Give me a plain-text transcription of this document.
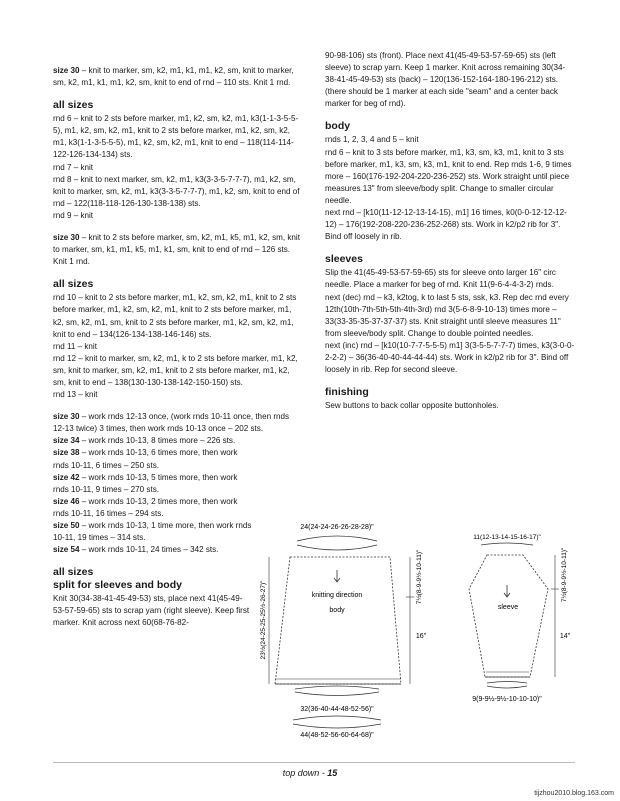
size 30 – knit to marker, sm, k2, m1, k1, m1, k2, sm, knit to marker, sm, k2, m1, k1, m1, k2, sm, knit to end of rnd – 110 sts. Knit 1 rnd.

all sizes

rnd 6 – knit to 2 sts before marker, m1, k2, sm, k2, m1, k3(1-1-3-5-5-5), m1, k2, sm, k2, m1, knit to 2 sts before marker, m1, k2, sm, k2, m1, k3(1-1-3-5-5-5), m1, k2, sm, k2, m1, knit to end – 118(114-114-122-126-134-134) sts.

rnd 7 – knit

rnd 8 – knit to next marker, sm, k2, m1, k3(3-3-5-7-7-7), m1, k2, sm, knit to marker, sm, k2, m1, k3(3-3-5-7-7-7), m1, k2, sm, knit to end of rnd – 122(118-118-126-130-138-138) sts.

rnd 9 – knit

size 30 – knit to 2 sts before marker, sm, k2, m1, k5, m1, k2, sm, knit to marker, sm, k1, m1, k5, m1, k1, sm, knit to end of rnd – 126 sts. Knit 1 rnd.

all sizes

rnd 10 – knit to 2 sts before marker, m1, k2, sm, k2, m1, knit to 2 sts before marker, m1, k2, sm, k2, m1, knit to 2 sts before marker, m1, k2, sm, k2, m1, sm, knit to 2 sts before marker, m1, k2, sm, k2, m1, knit to end – 134(126-134-138-146-146) sts.

rnd 11 – knit

rnd 12 – knit to marker, sm, k2, m1, k to 2 sts before marker, m1, k2, sm, knit to marker, sm, k2, m1, knit to 2 sts before marker, m1, k2, sm, knit to end – 138(130-130-138-142-150-150) sts.

rnd 13 – knit

size 30 – work rnds 12-13 once, (work rnds 10-11 once, then rnds 12-13 twice) 3 times, then work rnds 10-13 once – 202 sts.

size 34 – work rnds 10-13, 8 times more – 226 sts.

size 38 – work rnds 10-13, 6 times more, then work rnds 10-11, 6 times – 250 sts.

size 42 – work rnds 10-13, 5 times more, then work rnds 10-11, 9 times – 270 sts.

size 46 – work rnds 10-13, 2 times more, then work rnds 10-11, 16 times – 294 sts.

size 50 – work rnds 10-13, 1 time more, then work rnds 10-11, 19 times – 314 sts.

size 54 – work rnds 10-11, 24 times – 342 sts.

all sizes

split for sleeves and body

Knit 30(34-38-41-45-49-53) sts, place next 41(45-49-53-57-59-65) sts to scrap yarn (right sleeve). Keep first marker. Knit across next 60(68-76-82-

90-98-106) sts (front). Place next 41(45-49-53-57-59-65) sts (left sleeve) to scrap yarn. Keep 1 marker. Knit across remaining 30(34-38-41-45-49-53) sts (back) – 120(136-152-164-180-196-212) sts. (there should be 1 marker at each side "seam" and a center back marker for beg of rnd).

body

rnds 1, 2, 3, 4 and 5 – knit

rnd 6 – knit to 3 sts before marker, m1, k3, sm, k3, m1, knit to 3 sts before marker, m1, k3, sm, k3, m1, knit to end. Rep rnds 1-6, 9 times more – 160(176-192-204-220-236-252) sts. Work straight until piece measures 13" from sleeve/body split. Change to smaller circular needle.

next rnd – [k10(11-12-12-13-14-15), m1] 16 times, k0(0-0-12-12-12-12) – 176(192-208-220-236-252-268) sts. Work in k2/p2 rib for 3". Bind off loosely in rib.

sleeves

Slip the 41(45-49-53-57-59-65) sts for sleeve onto larger 16" circ needle. Place a marker for beg of rnd. Knit 11(9-6-4-4-3-2) rnds.

next (dec) rnd – k3, k2tog, k to last 5 sts, ssk, k3. Rep dec rnd every 12th(10th-7th-5th-5th-4th-3rd) rnd 3(5-6-8-9-10-13) times more – 33(33-35-35-37-37-37) sts. Knit straight until sleeve measures 11" from sleeve/body split. Change to double pointed needles.

next (inc) rnd – [k10(10-7-7-5-5-5) m1] 3(3-5-5-7-7-7) times, k3(3-0-0-2-2-2) – 36(36-40-40-44-44-44) sts. Work in k2/p2 rib for 3". Bind off loosely in rib. Rep for second sleeve.

finishing

Sew buttons to back collar opposite buttonholes.

24(24-24-26-26-28-28)"
knitting direction
body
23½(24-25-25-25½-26-27)"
7½(8-9-9½-10-11)"
16"
32(36-40-44-48-52-56)"
44(48-52-56-60-64-68)"
11(12-13-14-15-16-17)"
sleeve
7½(8-9-9½-10-11)"
14"
9(9-9½-9½-10-10-10)"
top down - 15
tijzhou2010.blog.163.com
